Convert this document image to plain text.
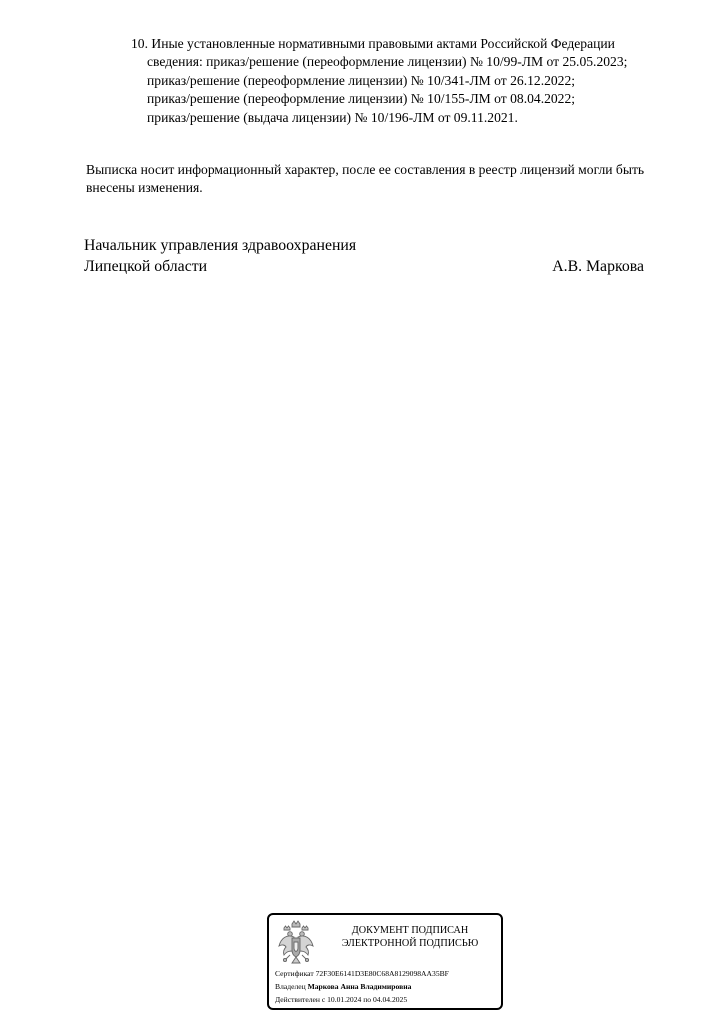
10. Иные установленные нормативными правовыми актами Российской Федерации
сведения: приказ/решение (переоформление лицензии) № 10/99-ЛМ от 25.05.2023;
приказ/решение (переоформление лицензии) № 10/341-ЛМ от 26.12.2022;
приказ/решение (переоформление лицензии) № 10/155-ЛМ от 08.04.2022;
приказ/решение (выдача лицензии) № 10/196-ЛМ от 09.11.2021.
Выписка носит информационный характер, после ее составления в реестр лицензий могли быть
внесены изменения.
Начальник управления здравоохранения
Липецкой области	А.В. Маркова
ДОКУМЕНТ ПОДПИСАН
ЭЛЕКТРОННОЙ ПОДПИСЬЮ
Сертификат 72F30E6141D3E80C68A8129098AA35BF
Владелец Маркова Анна Владимировна
Действителен с 10.01.2024 по 04.04.2025
